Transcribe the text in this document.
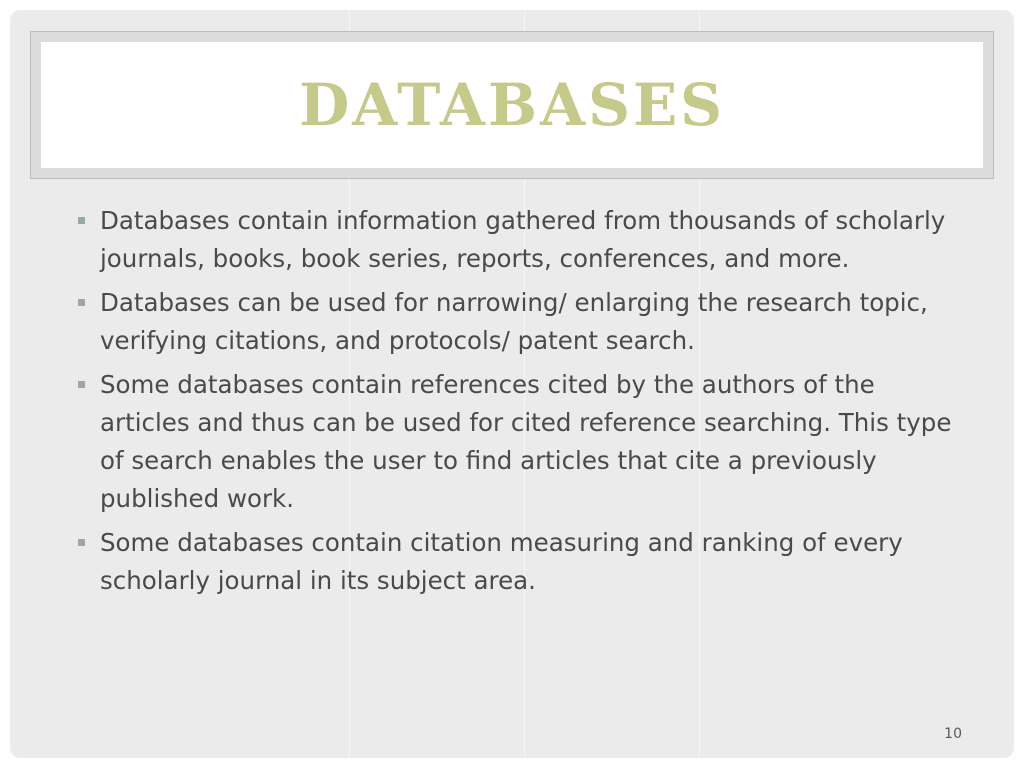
DATABASES
Databases contain information gathered from thousands of scholarly journals, books, book series, reports, conferences, and more.
Databases can be used for narrowing/ enlarging the research topic, verifying citations, and protocols/ patent search.
Some databases contain references cited by the authors of the articles and thus can be used for cited reference searching. This type of search enables the user to find articles that cite a previously published work.
Some databases contain citation measuring and ranking of every scholarly journal in its subject area.
10
